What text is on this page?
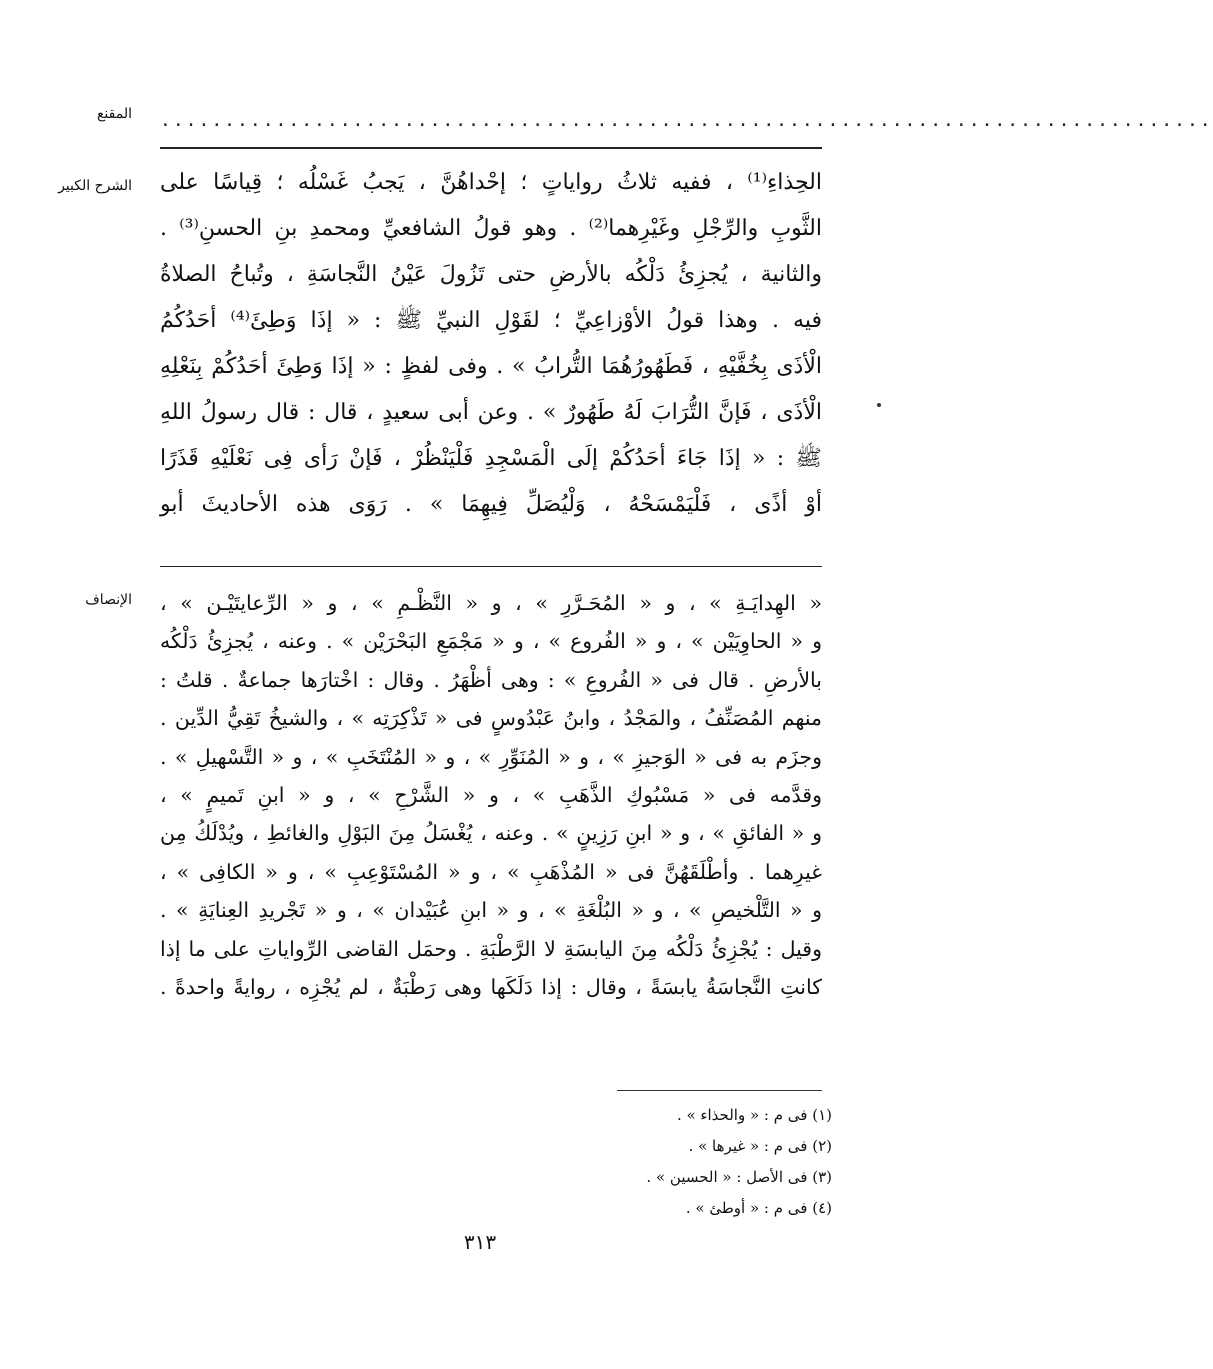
المقنع ..................................................................................
الشرح الكبير الحِذاءِ⁽¹⁾ ، ففيه ثلاثُ رواياتٍ ؛ إحْداهُنَّ ، يَجبُ غَسْلُه ؛ قِياسًا على
الثَّوبِ والرِّجْلِ وغَيْرِهما⁽²⁾ . وهو قولُ الشافعيِّ ومحمدِ بنِ الحسنِ⁽³⁾ .
والثانية ، يُجزِئُ دَلْكُه بالأرضِ حتى تَزُولَ عَيْنُ النَّجاسَةِ ، وتُباحُ الصلاةُ
فيه . وهذا قولُ الأوْزاعِيِّ ؛ لقَوْلِ النبيِّ ﷺ : « إذَا وَطِئَ⁽⁴⁾ أحَدُكُمُ
الْأذَى بِخُفَّيْهِ ، فَطَهُورُهُمَا التُّرابُ » . وفى لفظٍ : « إذَا وَطِئَ أحَدُكُمْ بِنَعْلِهِ
الْأذَى ، فَإنَّ التُّرَابَ لَهُ طَهُورٌ » . وعن أبى سعيدٍ ، قال : قال رسولُ اللهِ
ﷺ : « إذَا جَاءَ أحَدُكُمْ إلَى الْمَسْجِدِ فَلْيَنْظُرْ ، فَإنْ رَأى فِى نَعْلَيْهِ قَذَرًا
أوْ أذًى ، فَلْيَمْسَحْهُ ، وَلْيُصَلِّ فِيهِمَا » . رَوَى هذه الأحاديثَ أبو
الإنصاف « الهِدايَـةِ » ، و « المُحَـرَّرِ » ، و « النَّظْـمِ » ، و « الرِّعايتَيْـن » ،
و « الحاوِيَيْن » ، و « الفُروع » ، و « مَجْمَعِ البَحْرَيْن » . وعنه ، يُجزِئُ دَلْكُه
بالأرضِ . قال فى « الفُروعِ » : وهى أظْهَرُ . وقال : اخْتارَها جماعةٌ . قلتُ :
منهم المُصَنِّفُ ، والمَجْدُ ، وابنُ عَبْدُوسٍ فى « تَذْكِرَتِه » ، والشيخُ تَقِيُّ الدِّين .
وجزَم به فى « الوَجيزِ » ، و « المُنَوِّرِ » ، و « المُنْتَخَبِ » ، و « التَّسْهيلِ » .
وقدَّمه فى « مَسْبُوكِ الذَّهَبِ » ، و « الشَّرْحِ » ، و « ابنِ تَميمٍ » ،
و « الفائقِ » ، و « ابنِ رَزِينٍ » . وعنه ، يُغْسَلُ مِنَ البَوْلِ والغائطِ ، ويُدْلَكُ مِن
غيرِهما . وأطْلَقَهُنَّ فى « المُذْهَبِ » ، و « المُسْتَوْعِبِ » ، و « الكافِى » ،
و « التَّلْخيصِ » ، و « البُلْغَةِ » ، و « ابنِ عُبَيْدان » ، و « تَجْريدِ العِنايَةِ » .
وقيل : يُجْزِئُ دَلْكُه مِنَ اليابسَةِ لا الرَّطْبَةِ . وحمَل القاضى الرِّواياتِ على ما إذا
كانتِ النَّجاسَةُ يابسَةً ، وقال : إذا دَلَكَها وهى رَطْبَةٌ ، لم يُجْزِه ، روايةً واحدةً .
(١) فى م : « والحذاء » .
(٢) فى م : « غيرها » .
(٣) فى الأصل : « الحسين » .
(٤) فى م : « أوطئ » .
٣١٣
